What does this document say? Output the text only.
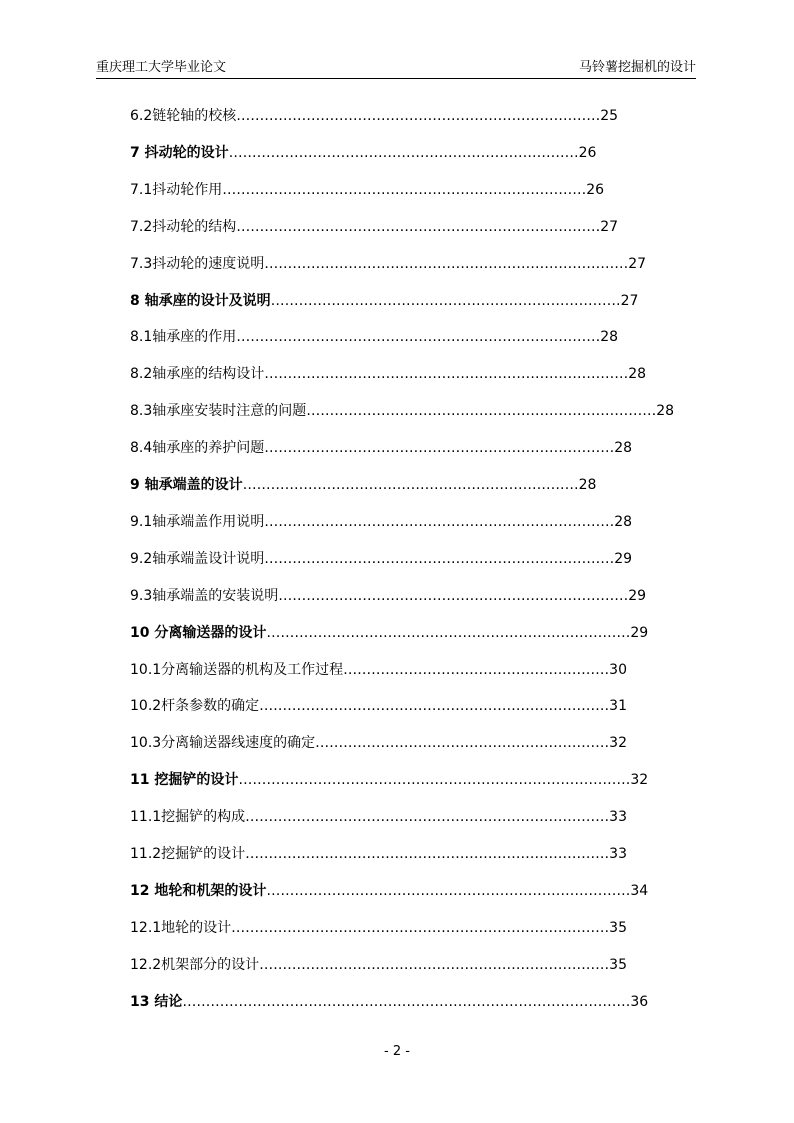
重庆理工大学毕业论文	马铃薯挖掘机的设计
6.2链轮轴的校核……………………………………………………………………25
7 抖动轮的设计…………………………………………………………………26
7.1抖动轮作用……………………………………………………………………26
7.2抖动轮的结构……………………………………………………………………27
7.3抖动轮的速度说明……………………………………………………………………27
8 轴承座的设计及说明…………………………………………………………………27
8.1轴承座的作用……………………………………………………………………28
8.2轴承座的结构设计……………………………………………………………………28
8.3轴承座安装时注意的问题…………………………………………………………………28
8.4轴承座的养护问题…………………………………………………………………28
9 轴承端盖的设计………………………………………………………………28
9.1轴承端盖作用说明…………………………………………………………………28
9.2轴承端盖设计说明…………………………………………………………………29
9.3轴承端盖的安装说明…………………………………………………………………29
10 分离输送器的设计……………………………………………………………………29
10.1分离输送器的机构及工作过程…………………………………………………30
10.2杆条参数的确定…………………………………………………………………31
10.3分离输送器线速度的确定………………………………………………………32
11 挖掘铲的设计…………………………………………………………………………32
11.1挖掘铲的构成……………………………………………………………………33
11.2挖掘铲的设计……………………………………………………………………33
12 地轮和机架的设计……………………………………………………………………34
12.1地轮的设计………………………………………………………………………35
12.2机架部分的设计…………………………………………………………………35
13 结论……………………………………………………………………………………36
- 2 -
